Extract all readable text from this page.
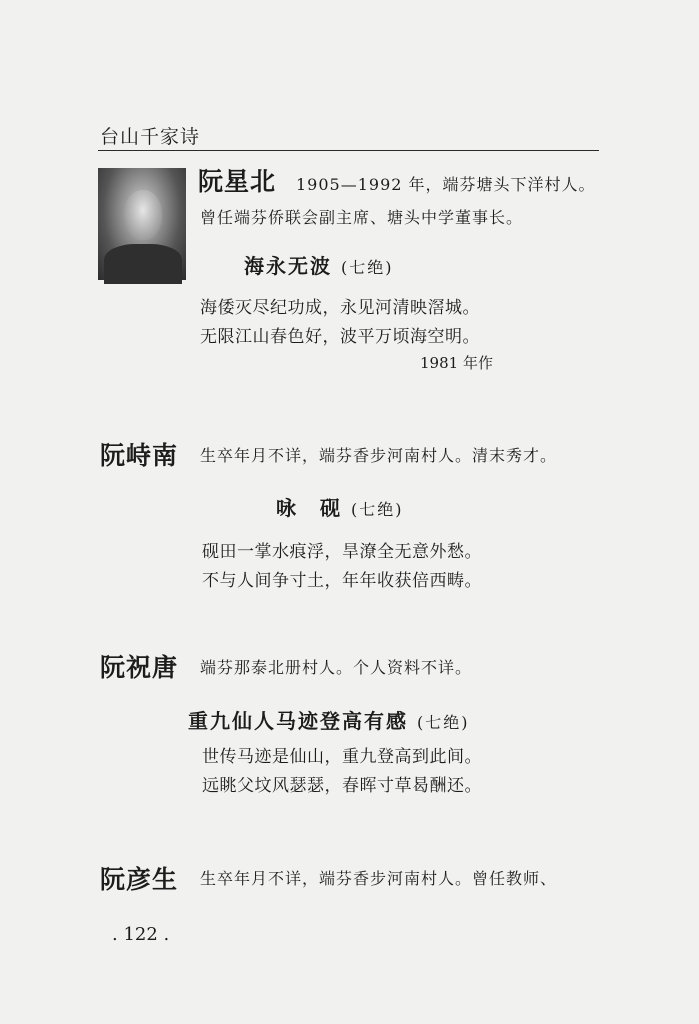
台山千家诗
阮星北 1905—1992 年，端芬塘头下洋村人。
曾任端芬侨联会副主席、塘头中学董事长。
海永无波 (七绝)
海倭灭尽纪功成，永见河清映滘城。
无限江山春色好，波平万顷海空明。
1981 年作
阮峙南 生卒年月不详，端芬香步河南村人。清末秀才。
咏　砚 (七绝)
砚田一掌水痕浮，旱潦全无意外愁。
不与人间争寸土，年年收获倍西畴。
阮祝唐 端芬那泰北册村人。个人资料不详。
重九仙人马迹登高有感 (七绝)
世传马迹是仙山，重九登高到此间。
远眺父坟风瑟瑟，春晖寸草曷酬还。
阮彦生 生卒年月不详，端芬香步河南村人。曾任教师、
. 122 .
